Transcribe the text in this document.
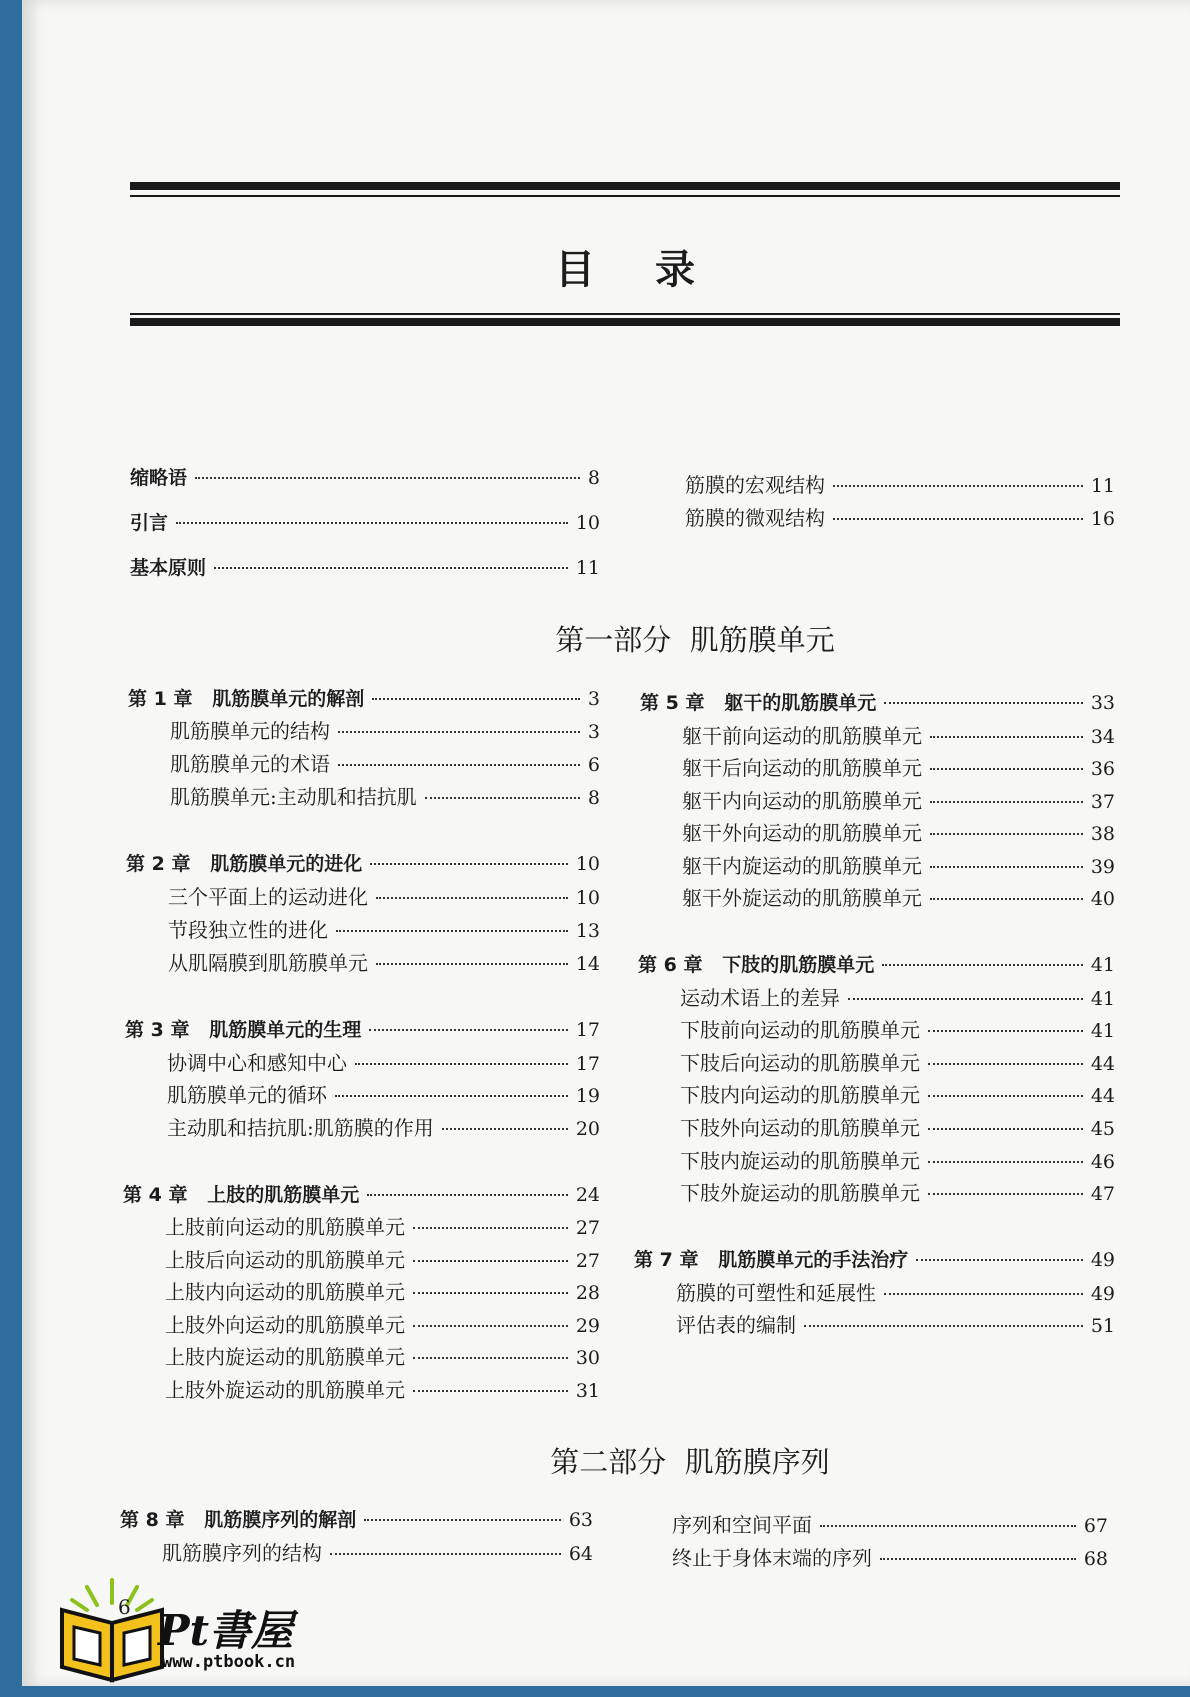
目录
缩略语	8
引言	10
基本原则	11
筋膜的宏观结构	11
筋膜的微观结构	16
第一部分  肌筋膜单元
第 1 章   肌筋膜单元的解剖	3
肌筋膜单元的结构	3
肌筋膜单元的术语	6
肌筋膜单元:主动肌和拮抗肌	8
第 2 章   肌筋膜单元的进化	10
三个平面上的运动进化	10
节段独立性的进化	13
从肌隔膜到肌筋膜单元	14
第 3 章   肌筋膜单元的生理	17
协调中心和感知中心	17
肌筋膜单元的循环	19
主动肌和拮抗肌:肌筋膜的作用	20
第 4 章   上肢的肌筋膜单元	24
上肢前向运动的肌筋膜单元	27
上肢后向运动的肌筋膜单元	27
上肢内向运动的肌筋膜单元	28
上肢外向运动的肌筋膜单元	29
上肢内旋运动的肌筋膜单元	30
上肢外旋运动的肌筋膜单元	31
第 5 章   躯干的肌筋膜单元	33
躯干前向运动的肌筋膜单元	34
躯干后向运动的肌筋膜单元	36
躯干内向运动的肌筋膜单元	37
躯干外向运动的肌筋膜单元	38
躯干内旋运动的肌筋膜单元	39
躯干外旋运动的肌筋膜单元	40
第 6 章   下肢的肌筋膜单元	41
运动术语上的差异	41
下肢前向运动的肌筋膜单元	41
下肢后向运动的肌筋膜单元	44
下肢内向运动的肌筋膜单元	44
下肢外向运动的肌筋膜单元	45
下肢内旋运动的肌筋膜单元	46
下肢外旋运动的肌筋膜单元	47
第 7 章   肌筋膜单元的手法治疗	49
筋膜的可塑性和延展性	49
评估表的编制	51
第二部分  肌筋膜序列
第 8 章   肌筋膜序列的解剖	63
肌筋膜序列的结构	64
序列和空间平面	67
终止于身体末端的序列	68
6 Pt書屋
www.ptbook.cn
